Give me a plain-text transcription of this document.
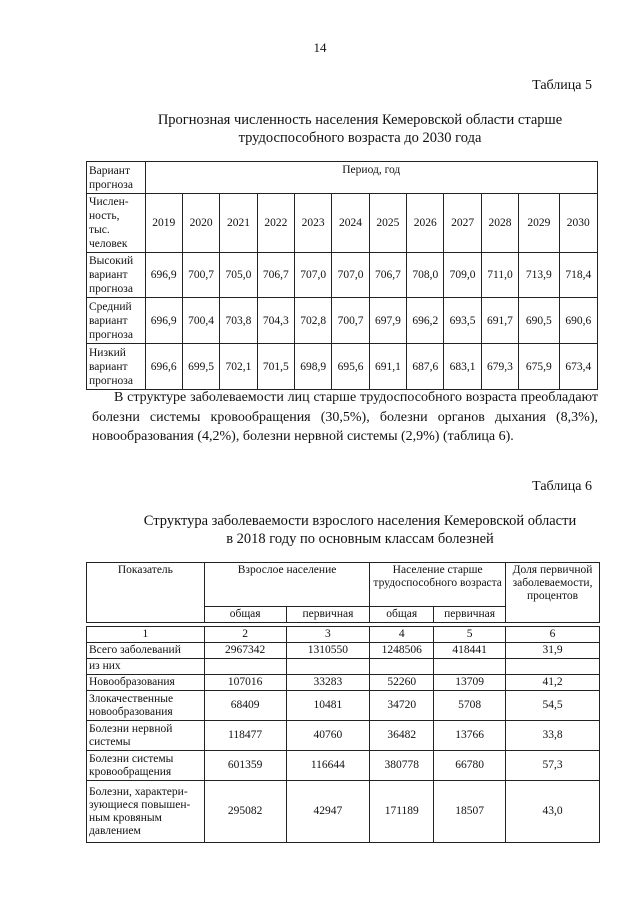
14
Таблица 5
Прогнозная численность населения Кемеровской области старше
трудоспособного возраста до 2030 года
Вариант прогноза	Период, год											
Числен-ность, тыс. человек	2019	2020	2021	2022	2023	2024	2025	2026	2027	2028	2029	2030
Высокий вариант прогноза	696,9	700,7	705,0	706,7	707,0	707,0	706,7	708,0	709,0	711,0	713,9	718,4
Средний вариант прогноза	696,9	700,4	703,8	704,3	702,8	700,7	697,9	696,2	693,5	691,7	690,5	690,6
Низкий вариант прогноза	696,6	699,5	702,1	701,5	698,9	695,6	691,1	687,6	683,1	679,3	675,9	673,4
В структуре заболеваемости лиц старше трудоспособного возраста преобладают болезни системы кровообращения (30,5%), болезни органов дыхания (8,3%), новообразования (4,2%), болезни нервной системы (2,9%) (таблица 6).
Таблица 6
Структура заболеваемости взрослого населения Кемеровской области
в 2018 году по основным классам болезней
Показатель	Взрослое население		Население старше трудоспособного возраста		Доля первичной заболеваемости, процентов
	общая	первичная	общая	первичная	

1	2	3	4	5	6
Всего заболеваний	2967342	1310550	1248506	418441	31,9
из них					
Новообразования	107016	33283	52260	13709	41,2
Злокачественные новообразования	68409	10481	34720	5708	54,5
Болезни нервной системы	118477	40760	36482	13766	33,8
Болезни системы кровообращения	601359	116644	380778	66780	57,3
Болезни, характери-зующиеся повышен-ным кровяным давлением	295082	42947	171189	18507	43,0
